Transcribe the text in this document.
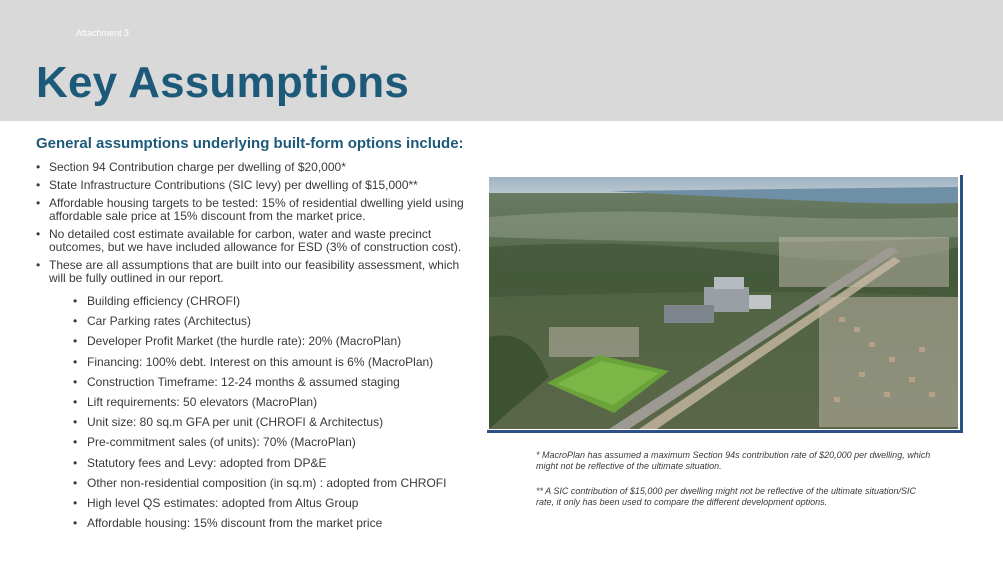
Attachment 3
Key Assumptions
General assumptions underlying built-form options include:
• Section 94 Contribution charge per dwelling of $20,000*
• State Infrastructure Contributions (SIC levy) per dwelling of $15,000**
• Affordable housing targets to be tested: 15% of residential dwelling yield using affordable sale price at 15% discount from the market price.
• No detailed cost estimate available for carbon, water and waste precinct outcomes, but we have included allowance for ESD (3% of construction cost).
• These are all assumptions that are built into our feasibility assessment, which will be fully outlined in our report.
• Building efficiency (CHROFI)
• Car Parking rates (Architectus)
• Developer Profit Market (the hurdle rate): 20% (MacroPlan)
• Financing: 100% debt. Interest on this amount is 6% (MacroPlan)
• Construction Timeframe: 12-24 months & assumed staging
• Lift requirements: 50 elevators (MacroPlan)
• Unit size: 80 sq.m GFA per unit (CHROFI & Architectus)
• Pre-commitment sales (of units): 70% (MacroPlan)
• Statutory fees and Levy: adopted from DP&E
• Other non-residential composition (in sq.m) : adopted from CHROFI
• High level QS estimates: adopted from Altus Group
• Affordable housing: 15% discount from the market price

* MacroPlan has assumed a maximum Section 94s contribution rate of $20,000 per dwelling, which might not be reflective of the ultimate situation.

** A SIC contribution of $15,000 per dwelling might not be reflective of the ultimate situation/SIC rate, it only has been used to compare the different development options.
